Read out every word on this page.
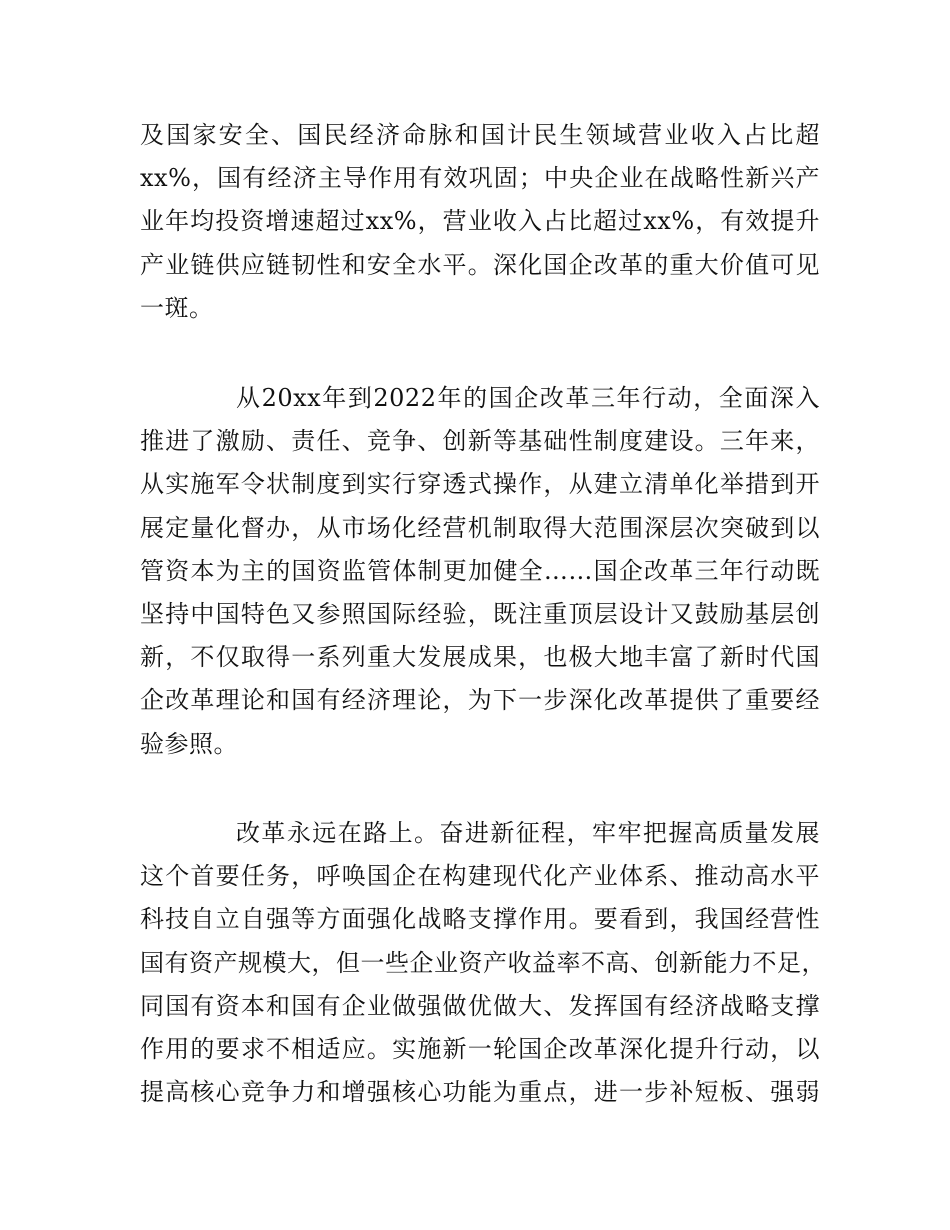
及国家安全、国民经济命脉和国计民生领域营业收入占比超
xx%，国有经济主导作用有效巩固；中央企业在战略性新兴产
业年均投资增速超过xx%，营业收入占比超过xx%，有效提升
产业链供应链韧性和安全水平。深化国企改革的重大价值可见
一斑。
从20xx年到2022年的国企改革三年行动，全面深入
推进了激励、责任、竞争、创新等基础性制度建设。三年来，
从实施军令状制度到实行穿透式操作，从建立清单化举措到开
展定量化督办，从市场化经营机制取得大范围深层次突破到以
管资本为主的国资监管体制更加健全……国企改革三年行动既
坚持中国特色又参照国际经验，既注重顶层设计又鼓励基层创
新，不仅取得一系列重大发展成果，也极大地丰富了新时代国
企改革理论和国有经济理论，为下一步深化改革提供了重要经
验参照。
改革永远在路上。奋进新征程，牢牢把握高质量发展
这个首要任务，呼唤国企在构建现代化产业体系、推动高水平
科技自立自强等方面强化战略支撑作用。要看到，我国经营性
国有资产规模大，但一些企业资产收益率不高、创新能力不足，
同国有资本和国有企业做强做优做大、发挥国有经济战略支撑
作用的要求不相适应。实施新一轮国企改革深化提升行动，以
提高核心竞争力和增强核心功能为重点，进一步补短板、强弱
